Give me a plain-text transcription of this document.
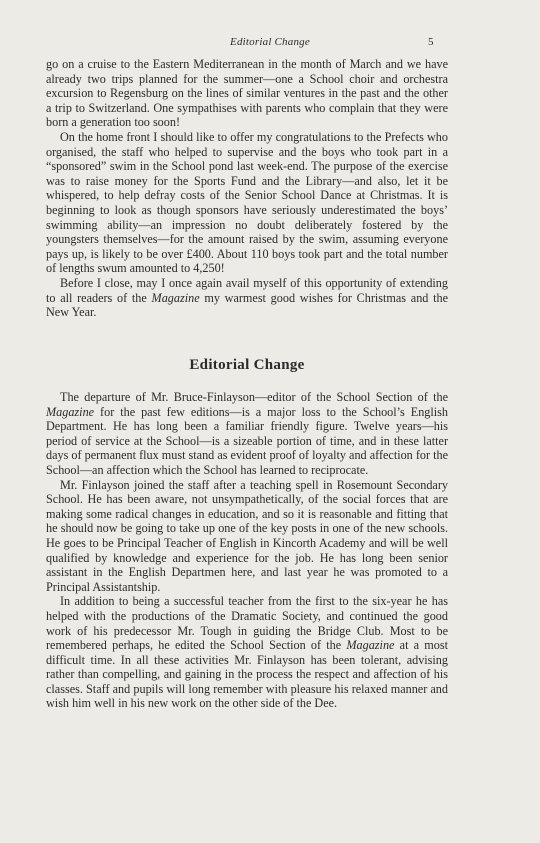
Editorial Change	5

go on a cruise to the Eastern Mediterranean in the month of March and we have already two trips planned for the summer—one a School choir and orchestra excursion to Regensburg on the lines of similar ventures in the past and the other a trip to Switzerland. One sympathises with parents who complain that they were born a generation too soon!

On the home front I should like to offer my congratulations to the Prefects who organised, the staff who helped to supervise and the boys who took part in a “sponsored” swim in the School pond last week-end. The purpose of the exercise was to raise money for the Sports Fund and the Library—and also, let it be whispered, to help defray costs of the Senior School Dance at Christmas. It is beginning to look as though sponsors have seriously underestimated the boys’ swimming ability—an impression no doubt deliberately fostered by the youngsters themselves—for the amount raised by the swim, assuming everyone pays up, is likely to be over £400. About 110 boys took part and the total number of lengths swum amounted to 4,250!

Before I close, may I once again avail myself of this opportunity of extending to all readers of the Magazine my warmest good wishes for Christmas and the New Year.

Editorial Change

The departure of Mr. Bruce-Finlayson—editor of the School Section of the Magazine for the past few editions—is a major loss to the School’s English Department. He has long been a familiar friendly figure. Twelve years—his period of service at the School—is a sizeable portion of time, and in these latter days of permanent flux must stand as evident proof of loyalty and affection for the School—an affection which the School has learned to reciprocate.

Mr. Finlayson joined the staff after a teaching spell in Rosemount Secondary School. He has been aware, not unsympathetically, of the social forces that are making some radical changes in education, and so it is reasonable and fitting that he should now be going to take up one of the key posts in one of the new schools. He goes to be Principal Teacher of English in Kincorth Academy and will be well qualified by knowledge and experience for the job. He has long been senior assistant in the English Departmen here, and last year he was promoted to a Principal Assistantship.

In addition to being a successful teacher from the first to the six-year he has helped with the productions of the Dramatic Society, and continued the good work of his predecessor Mr. Tough in guiding the Bridge Club. Most to be remembered perhaps, he edited the School Section of the Magazine at a most difficult time. In all these activities Mr. Finlayson has been tolerant, advising rather than compelling, and gaining in the process the respect and affection of his classes. Staff and pupils will long remember with pleasure his relaxed manner and wish him well in his new work on the other side of the Dee.
